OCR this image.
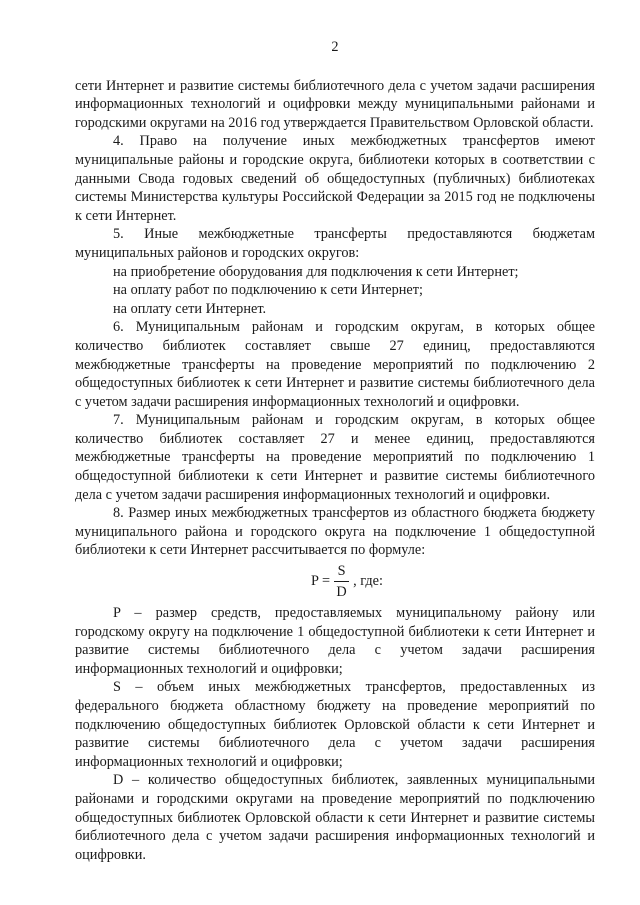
2

сети Интернет и развитие системы библиотечного дела с учетом задачи расширения информационных технологий и оцифровки между муниципальными районами и городскими округами на 2016 год утверждается Правительством Орловской области.

4. Право на получение иных межбюджетных трансфертов имеют муниципальные районы и городские округа, библиотеки которых в соответствии с данными Свода годовых сведений об общедоступных (публичных) библиотеках системы Министерства культуры Российской Федерации за 2015 год не подключены к сети Интернет.

5. Иные межбюджетные трансферты предоставляются бюджетам муниципальных районов и городских округов:

на приобретение оборудования для подключения к сети Интернет;

на оплату работ по подключению к сети Интернет;

на оплату сети Интернет.

6. Муниципальным районам и городским округам, в которых общее количество библиотек составляет свыше 27 единиц, предоставляются межбюджетные трансферты на проведение мероприятий по подключению 2 общедоступных библиотек к сети Интернет и развитие системы библиотечного дела с учетом задачи расширения информационных технологий и оцифровки.

7. Муниципальным районам и городским округам, в которых общее количество библиотек составляет 27 и менее единиц, предоставляются межбюджетные трансферты на проведение мероприятий по подключению 1 общедоступной библиотеки к сети Интернет и развитие системы библиотечного дела с учетом задачи расширения информационных технологий и оцифровки.

8. Размер иных межбюджетных трансфертов из областного бюджета бюджету муниципального района и городского округа на подключение 1 общедоступной библиотеки к сети Интернет рассчитывается по формуле:

$P = \frac{S}{D}$ , где:

P – размер средств, предоставляемых муниципальному району или городскому округу на подключение 1 общедоступной библиотеки к сети Интернет и развитие системы библиотечного дела с учетом задачи расширения информационных технологий и оцифровки;

S – объем иных межбюджетных трансфертов, предоставленных из федерального бюджета областному бюджету на проведение мероприятий по подключению общедоступных библиотек Орловской области к сети Интернет и развитие системы библиотечного дела с учетом задачи расширения информационных технологий и оцифровки;

D – количество общедоступных библиотек, заявленных муниципальными районами и городскими округами на проведение мероприятий по подключению общедоступных библиотек Орловской области к сети Интернет и развитие системы библиотечного дела с учетом задачи расширения информационных технологий и оцифровки.
